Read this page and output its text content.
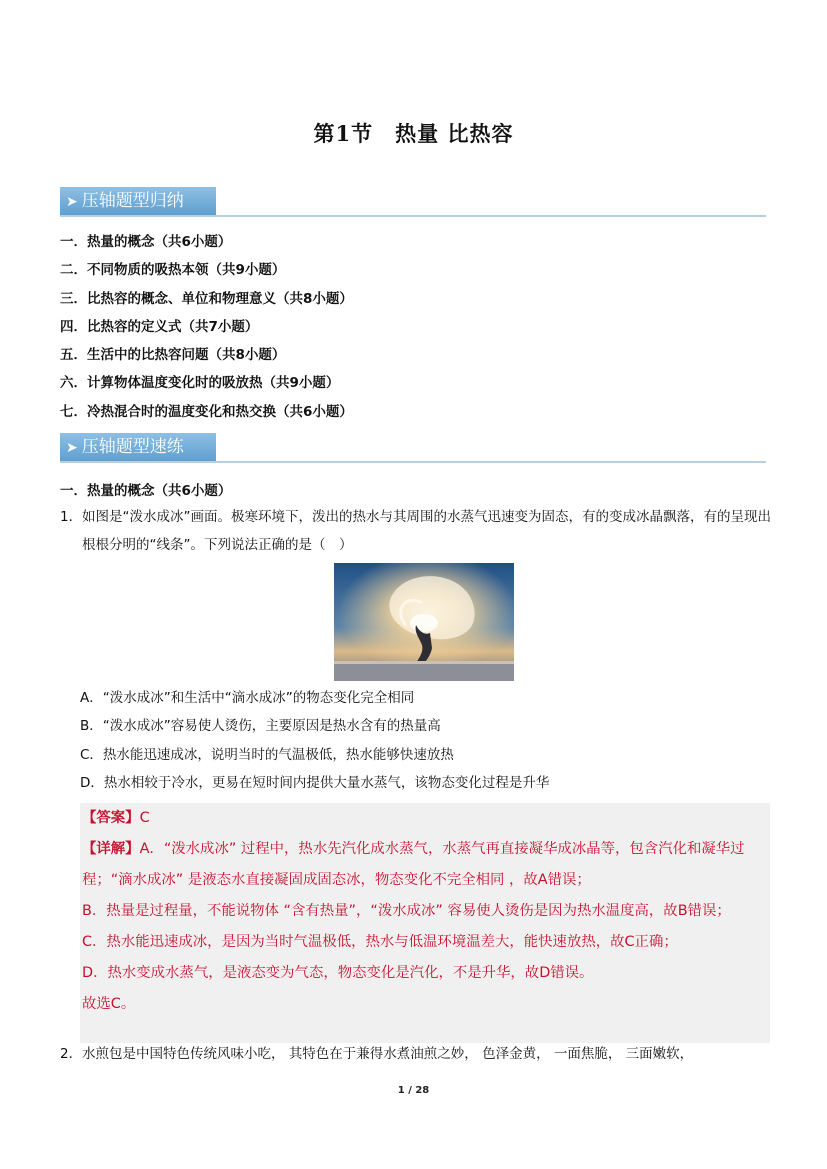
第1节　热量 比热容
➤ 压轴题型归纳
一．热量的概念（共6小题）
二．不同物质的吸热本领（共9小题）
三．比热容的概念、单位和物理意义（共8小题）
四．比热容的定义式（共7小题）
五．生活中的比热容问题（共8小题）
六．计算物体温度变化时的吸放热（共9小题）
七．冷热混合时的温度变化和热交换（共6小题）
➤ 压轴题型速练
一．热量的概念（共6小题）
1． 如图是“泼水成冰”画面。极寒环境下，泼出的热水与其周围的水蒸气迅速变为固态，有的变成冰晶飘落，有的呈现出根根分明的“线条”。下列说法正确的是（　）
A．“泼水成冰”和生活中“滴水成冰”的物态变化完全相同
B．“泼水成冰”容易使人烫伤，主要原因是热水含有的热量高
C．热水能迅速成冰，说明当时的气温极低，热水能够快速放热
D．热水相较于冷水，更易在短时间内提供大量水蒸气，该物态变化过程是升华

【答案】C

【详解】A．“泼水成冰” 过程中，热水先汽化成水蒸气，水蒸气再直接凝华成冰晶等，包含汽化和凝华过程；“滴水成冰” 是液态水直接凝固成固态冰，物态变化不完全相同 ，故A错误；

B．热量是过程量，不能说物体 “含有热量”，“泼水成冰” 容易使人烫伤是因为热水温度高，故B错误；

C．热水能迅速成冰，是因为当时气温极低，热水与低温环境温差大，能快速放热，故C正确；

D．热水变成水蒸气，是液态变为气态，物态变化是汽化，不是升华，故D错误。

故选C。

2．水煎包是中国特色传统风味小吃， 其特色在于兼得水煮油煎之妙， 色泽金黄， 一面焦脆， 三面嫩软，
1 / 28
